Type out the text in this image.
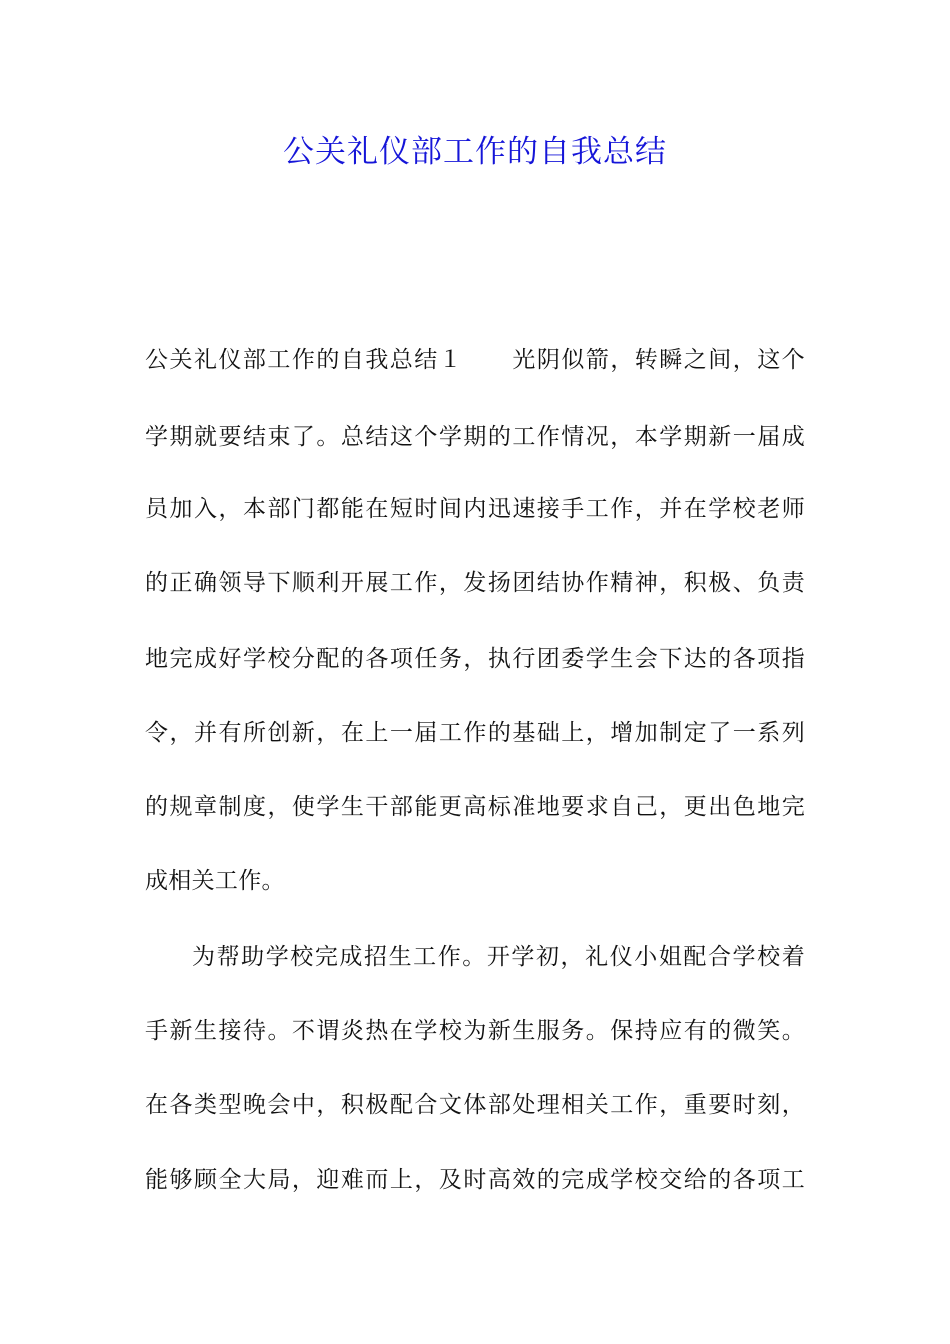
公关礼仪部工作的自我总结
公关礼仪部工作的自我总结１ 光阴似箭，转瞬之间，这个
学期就要结束了。总结这个学期的工作情况，本学期新一届成
员加入，本部门都能在短时间内迅速接手工作，并在学校老师
的正确领导下顺利开展工作，发扬团结协作精神，积极、负责
地完成好学校分配的各项任务，执行团委学生会下达的各项指
令，并有所创新，在上一届工作的基础上，增加制定了一系列
的规章制度，使学生干部能更高标准地要求自己，更出色地完
成相关工作。
为帮助学校完成招生工作。开学初，礼仪小姐配合学校着
手新生接待。不谓炎热在学校为新生服务。保持应有的微笑。
在各类型晚会中，积极配合文体部处理相关工作，重要时刻，
能够顾全大局，迎难而上，及时高效的完成学校交给的各项工
